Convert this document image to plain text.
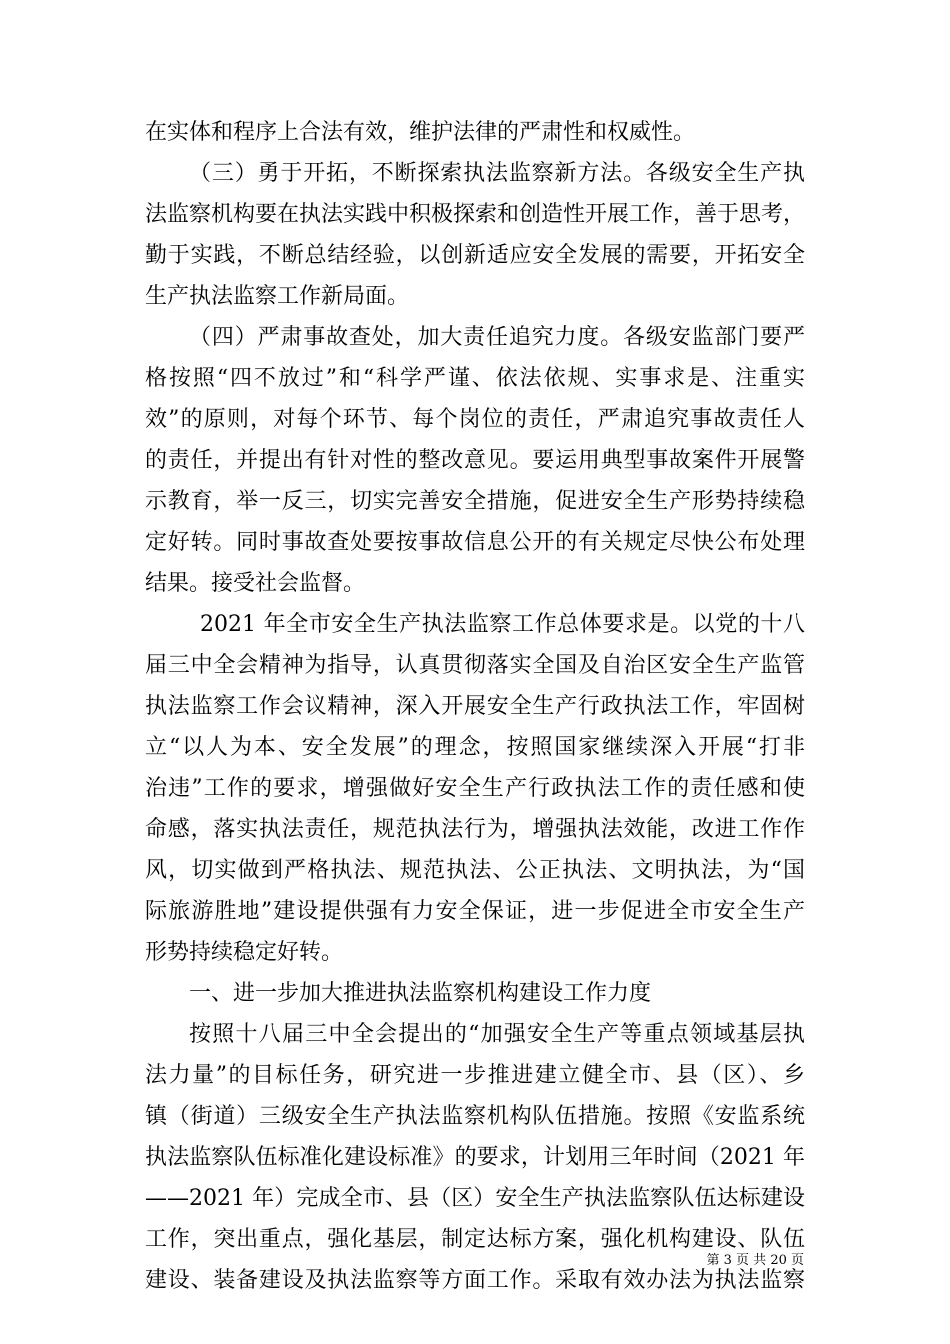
在实体和程序上合法有效，维护法律的严肃性和权威性。
（三）勇于开拓，不断探索执法监察新方法。各级安全生产执
法监察机构要在执法实践中积极探索和创造性开展工作，善于思考，
勤于实践，不断总结经验，以创新适应安全发展的需要，开拓安全
生产执法监察工作新局面。
（四）严肃事故查处，加大责任追究力度。各级安监部门要严
格按照“四不放过”和“科学严谨、依法依规、实事求是、注重实
效”的原则，对每个环节、每个岗位的责任，严肃追究事故责任人
的责任，并提出有针对性的整改意见。要运用典型事故案件开展警
示教育，举一反三，切实完善安全措施，促进安全生产形势持续稳
定好转。同时事故查处要按事故信息公开的有关规定尽快公布处理
结果。接受社会监督。
2021 年全市安全生产执法监察工作总体要求是。以党的十八
届三中全会精神为指导，认真贯彻落实全国及自治区安全生产监管
执法监察工作会议精神，深入开展安全生产行政执法工作，牢固树
立“以人为本、安全发展”的理念，按照国家继续深入开展“打非
治违”工作的要求，增强做好安全生产行政执法工作的责任感和使
命感，落实执法责任，规范执法行为，增强执法效能，改进工作作
风，切实做到严格执法、规范执法、公正执法、文明执法，为“国
际旅游胜地”建设提供强有力安全保证，进一步促进全市安全生产
形势持续稳定好转。
一、进一步加大推进执法监察机构建设工作力度
按照十八届三中全会提出的“加强安全生产等重点领域基层执
法力量”的目标任务，研究进一步推进建立健全市、县（区）、乡
镇（街道）三级安全生产执法监察机构队伍措施。按照《安监系统
执法监察队伍标准化建设标准》的要求，计划用三年时间（2021 年
——2021 年）完成全市、县（区）安全生产执法监察队伍达标建设
工作，突出重点，强化基层，制定达标方案，强化机构建设、队伍
建设、装备建设及执法监察等方面工作。采取有效办法为执法监察
第 3 页 共 20 页
